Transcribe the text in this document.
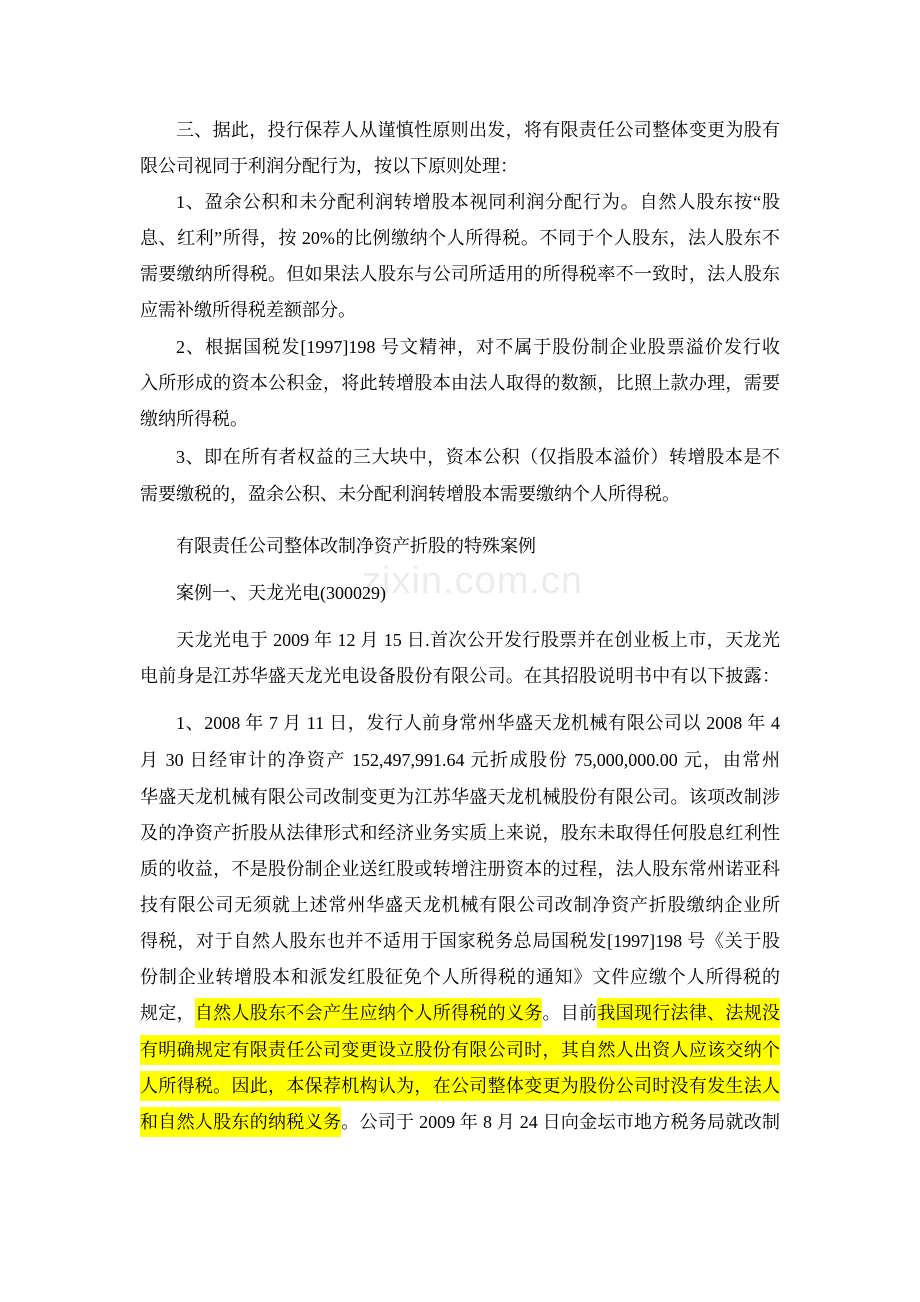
zixin.com.cn
三、据此，投行保荐人从谨慎性原则出发，将有限责任公司整体变更为股有
限公司视同于利润分配行为，按以下原则处理：
1、盈余公积和未分配利润转增股本视同利润分配行为。自然人股东按“股
息、红利”所得，按 20%的比例缴纳个人所得税。不同于个人股东，法人股东不
需要缴纳所得税。但如果法人股东与公司所适用的所得税率不一致时，法人股东
应需补缴所得税差额部分。
2、根据国税发[1997]198 号文精神，对不属于股份制企业股票溢价发行收
入所形成的资本公积金，将此转增股本由法人取得的数额，比照上款办理，需要
缴纳所得税。
3、即在所有者权益的三大块中，资本公积（仅指股本溢价）转增股本是不
需要缴税的，盈余公积、未分配利润转增股本需要缴纳个人所得税。
有限责任公司整体改制净资产折股的特殊案例
案例一、天龙光电(300029)
天龙光电于 2009 年 12 月 15 日.首次公开发行股票并在创业板上市，天龙光
电前身是江苏华盛天龙光电设备股份有限公司。在其招股说明书中有以下披露：
1、2008 年 7 月 11 日，发行人前身常州华盛天龙机械有限公司以 2008 年 4
月 30 日经审计的净资产 152,497,991.64 元折成股份 75,000,000.00 元，由常州
华盛天龙机械有限公司改制变更为江苏华盛天龙机械股份有限公司。该项改制涉
及的净资产折股从法律形式和经济业务实质上来说，股东未取得任何股息红利性
质的收益，不是股份制企业送红股或转增注册资本的过程，法人股东常州诺亚科
技有限公司无须就上述常州华盛天龙机械有限公司改制净资产折股缴纳企业所
得税，对于自然人股东也并不适用于国家税务总局国税发[1997]198 号《关于股
份制企业转增股本和派发红股征免个人所得税的通知》文件应缴个人所得税的
规定，自然人股东不会产生应纳个人所得税的义务。目前我国现行法律、法规没
有明确规定有限责任公司变更设立股份有限公司时，其自然人出资人应该交纳个
人所得税。因此，本保荐机构认为，在公司整体变更为股份公司时没有发生法人
和自然人股东的纳税义务。公司于 2009 年 8 月 24 日向金坛市地方税务局就改制
